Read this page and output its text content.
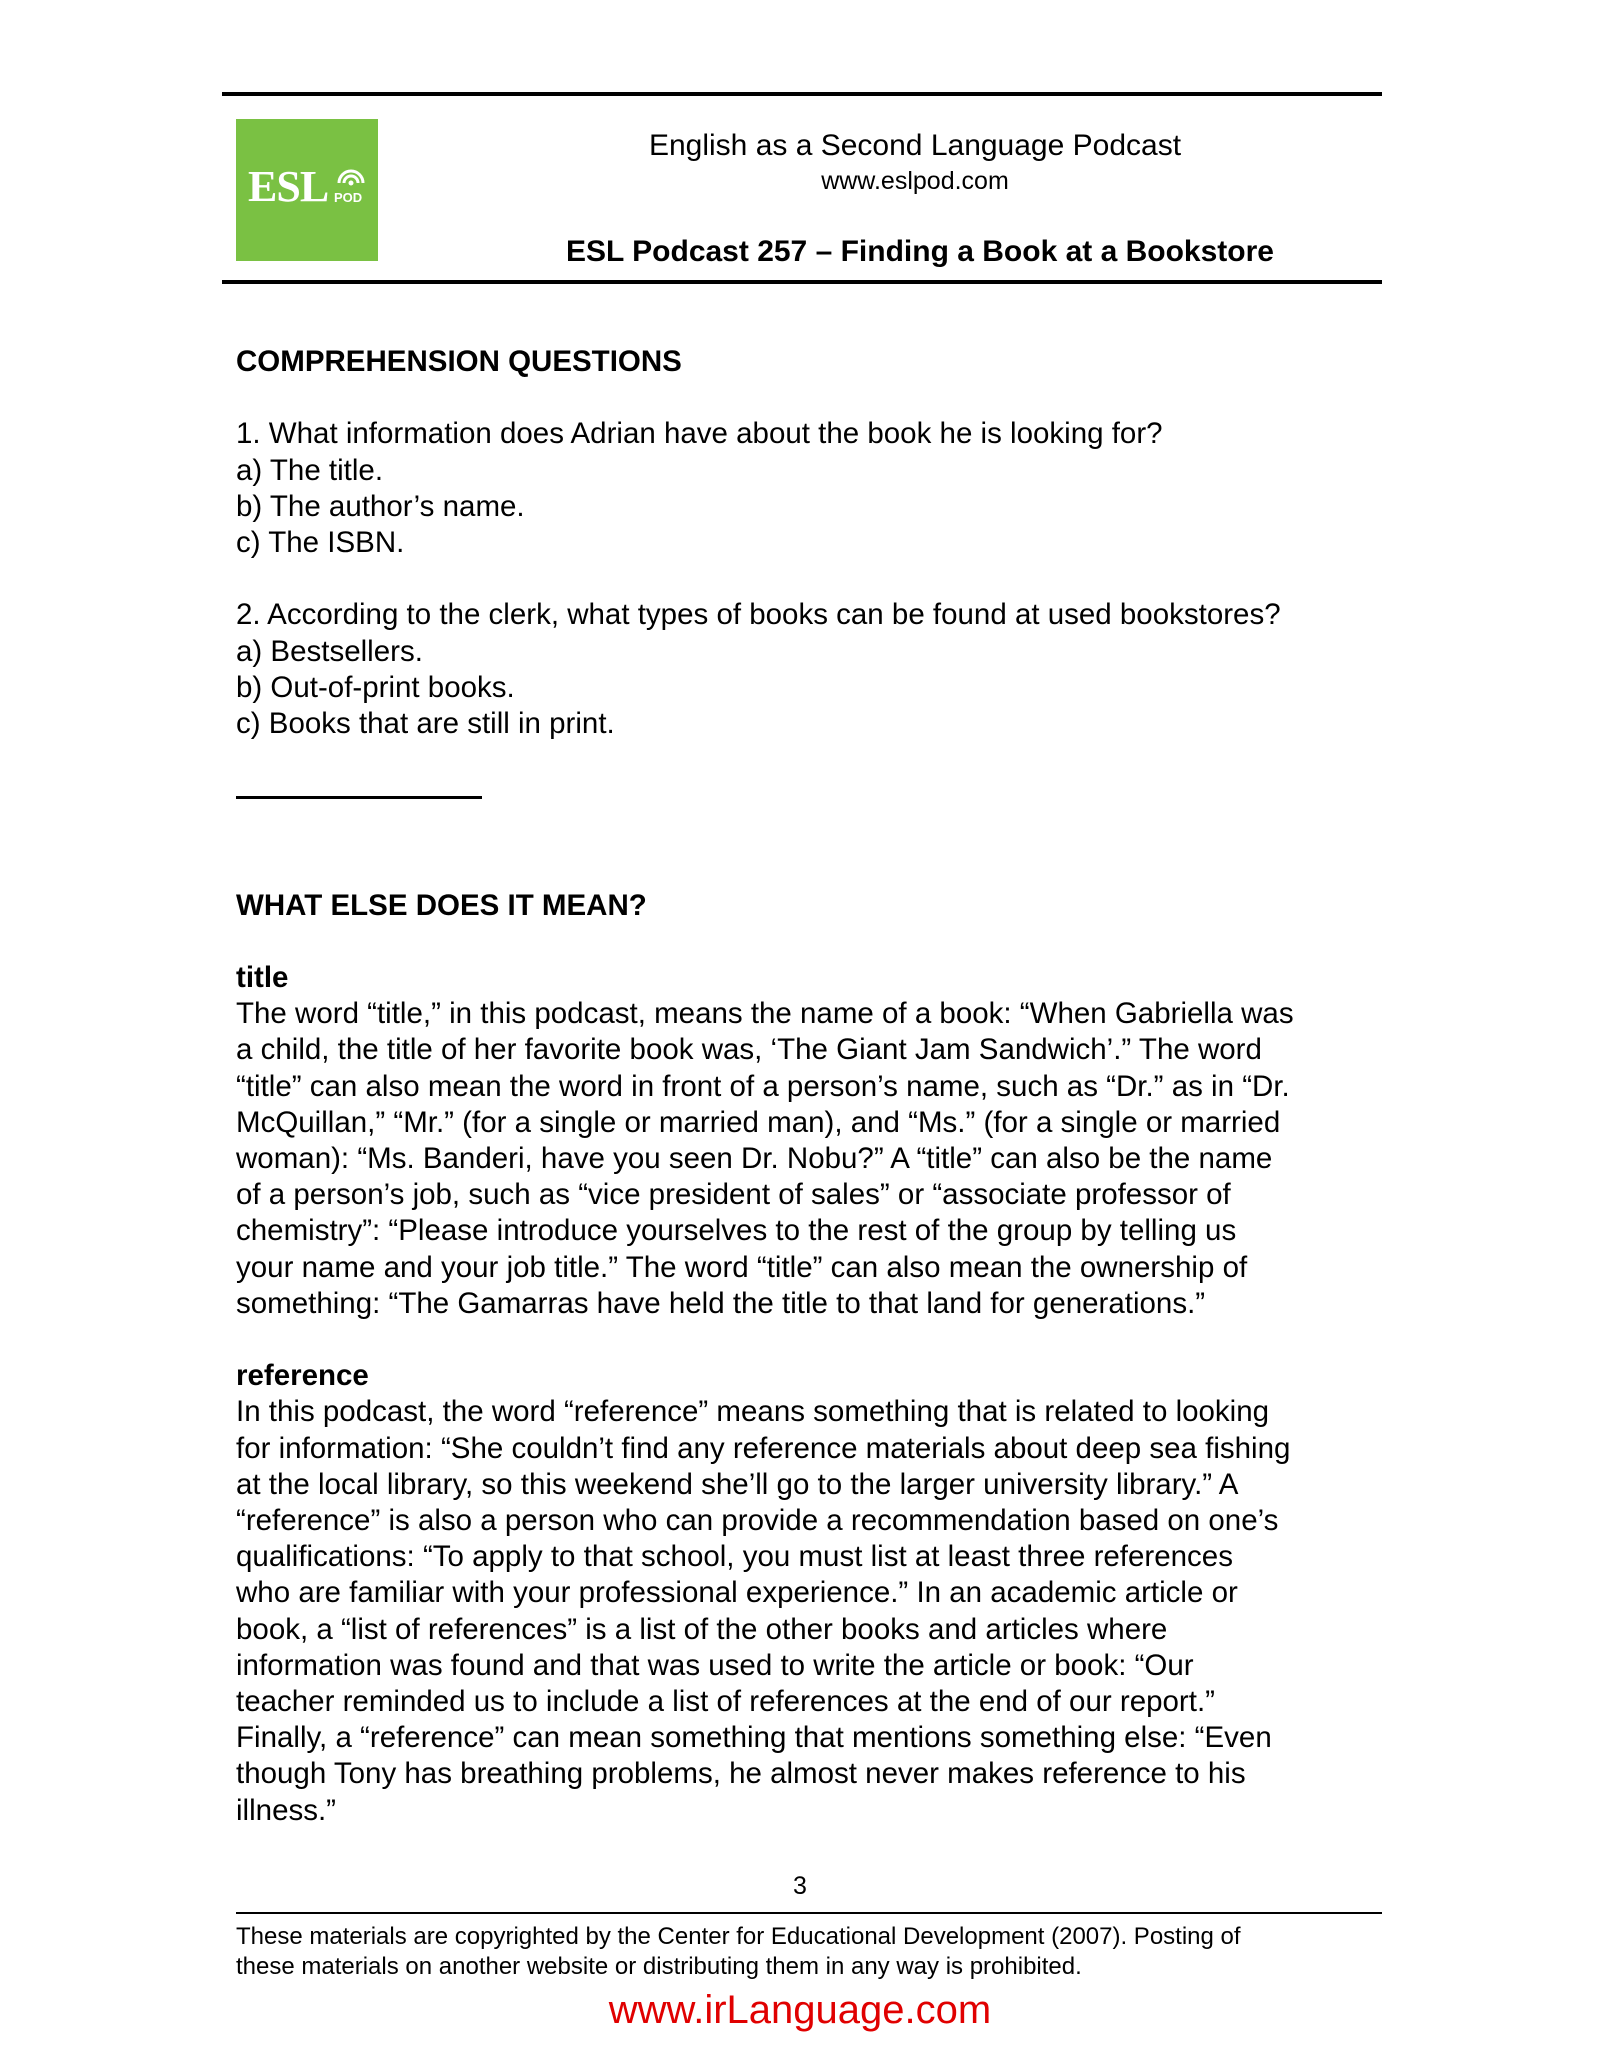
ESL POD
English as a Second Language Podcast
www.eslpod.com
ESL Podcast 257 – Finding a Book at a Bookstore

COMPREHENSION QUESTIONS

1. What information does Adrian have about the book he is looking for?

a) The title.

b) The author’s name.

c) The ISBN.

2. According to the clerk, what types of books can be found at used bookstores?

a) Bestsellers.

b) Out-of-print books.

c) Books that are still in print.

WHAT ELSE DOES IT MEAN?

title

The word “title,” in this podcast, means the name of a book: “When Gabriella was

a child, the title of her favorite book was, ‘The Giant Jam Sandwich’.” The word

“title” can also mean the word in front of a person’s name, such as “Dr.” as in “Dr.

McQuillan,” “Mr.” (for a single or married man), and “Ms.” (for a single or married

woman): “Ms. Banderi, have you seen Dr. Nobu?” A “title” can also be the name

of a person’s job, such as “vice president of sales” or “associate professor of

chemistry”: “Please introduce yourselves to the rest of the group by telling us

your name and your job title.” The word “title” can also mean the ownership of

something: “The Gamarras have held the title to that land for generations.”

reference

In this podcast, the word “reference” means something that is related to looking

for information: “She couldn’t find any reference materials about deep sea fishing

at the local library, so this weekend she’ll go to the larger university library.” A

“reference” is also a person who can provide a recommendation based on one’s

qualifications: “To apply to that school, you must list at least three references

who are familiar with your professional experience.” In an academic article or

book, a “list of references” is a list of the other books and articles where

information was found and that was used to write the article or book: “Our

teacher reminded us to include a list of references at the end of our report.”

Finally, a “reference” can mean something that mentions something else: “Even

though Tony has breathing problems, he almost never makes reference to his

illness.”

3

These materials are copyrighted by the Center for Educational Development (2007). Posting of

these materials on another website or distributing them in any way is prohibited.

www.irLanguage.com
